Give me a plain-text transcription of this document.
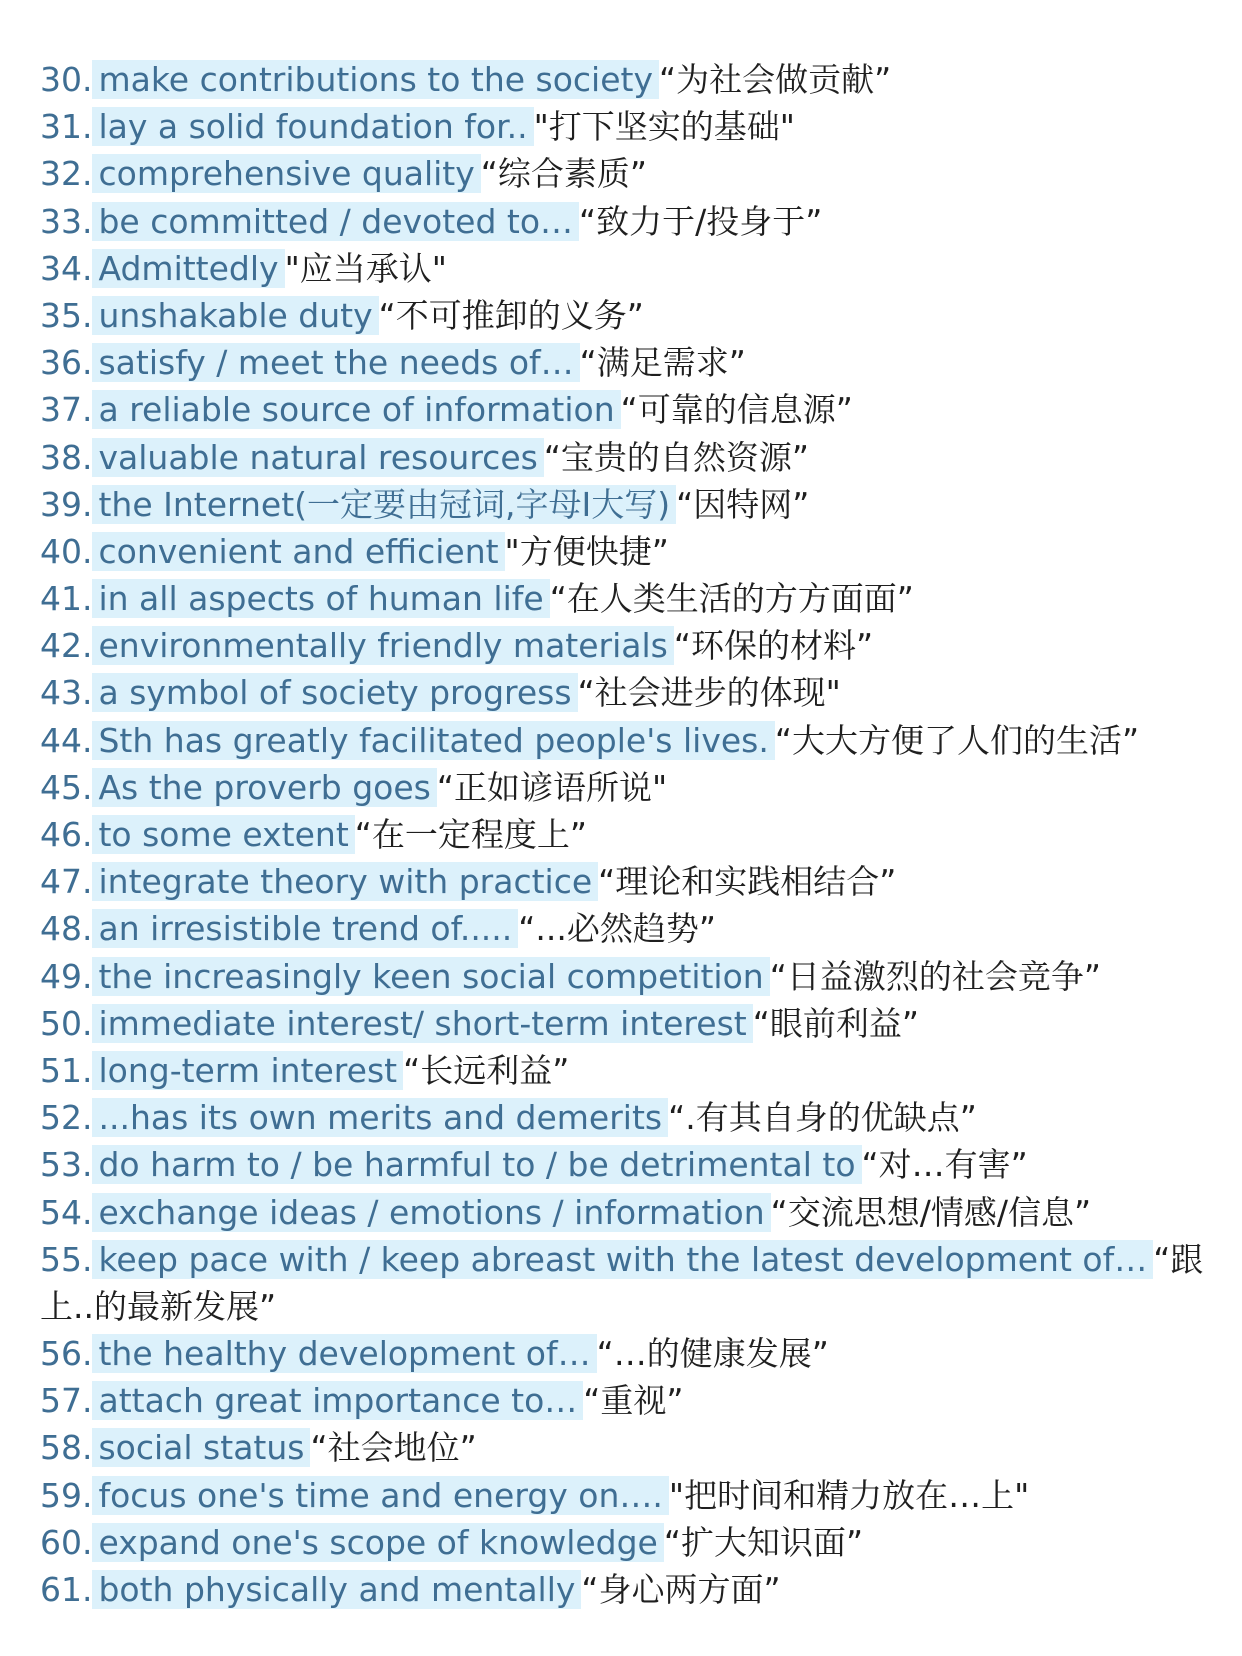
30. make contributions to the society “为社会做贡献”
31. lay a solid foundation for.. "打下坚实的基础"
32. comprehensive quality “综合素质”
33. be committed / devoted to… “致力于/投身于”
34. Admittedly "应当承认"
35. unshakable duty “不可推卸的义务”
36. satisfy / meet the needs of… “满足需求”
37. a reliable source of information “可靠的信息源”
38. valuable natural resources “宝贵的自然资源”
39. the Internet(一定要由冠词,字母I大写) “因特网”
40. convenient and efficient "方便快捷”
41. in all aspects of human life “在人类生活的方方面面”
42. environmentally friendly materials “环保的材料”
43. a symbol of society progress “社会进步的体现"
44. Sth has greatly facilitated people's lives. “大大方便了人们的生活”
45. As the proverb goes “正如谚语所说"
46. to some extent “在一定程度上”
47. integrate theory with practice “理论和实践相结合”
48. an irresistible trend of..... “...必然趋势”
49. the increasingly keen social competition “日益激烈的社会竞争”
50. immediate interest/ short-term interest “眼前利益”
51. long-term interest “长远利益”
52. ...has its own merits and demerits “.有其自身的优缺点”
53. do harm to / be harmful to / be detrimental to “对…有害”
54. exchange ideas / emotions / information “交流思想/情感/信息”
55. keep pace with / keep abreast with the latest development of… “跟上..的最新发展”
56. the healthy development of… “…的健康发展”
57. attach great importance to… “重视”
58. social status “社会地位”
59. focus one's time and energy on…. "把时间和精力放在…上"
60. expand one's scope of knowledge “扩大知识面”
61. both physically and mentally “身心两方面”
